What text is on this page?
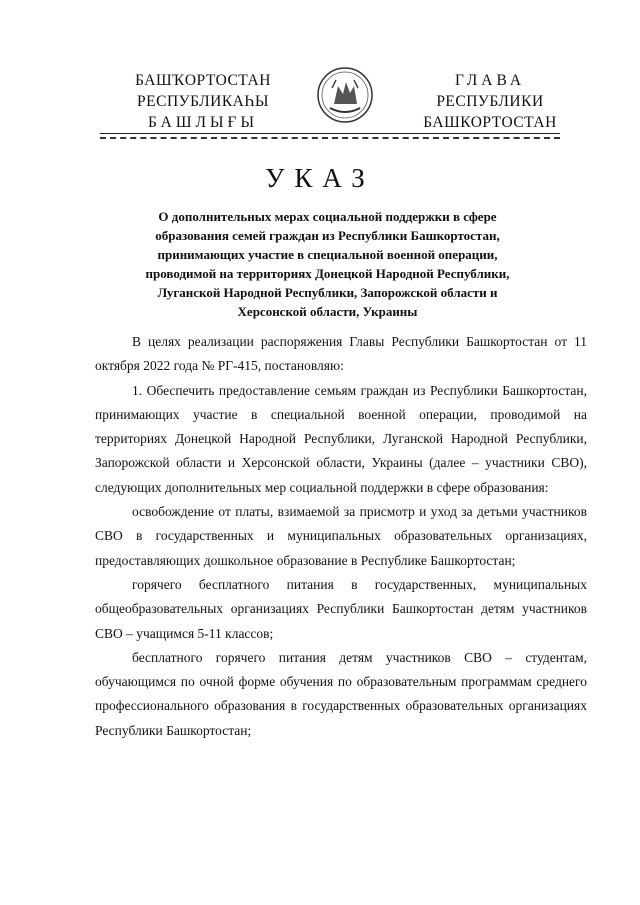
БАШҠОРТОСТАН
РЕСПУБЛИКАҺЫ
БАШЛЫҒЫ
ГЛАВА
РЕСПУБЛИКИ
БАШКОРТОСТАН
УКАЗ
О дополнительных мерах социальной поддержки в сфере образования семей граждан из Республики Башкортостан, принимающих участие в специальной военной операции, проводимой на территориях Донецкой Народной Республики, Луганской Народной Республики, Запорожской области и Херсонской области, Украины

В целях реализации распоряжения Главы Республики Башкортостан от 11 октября 2022 года № РГ-415, постановляю:

1. Обеспечить предоставление семьям граждан из Республики Башкортостан, принимающих участие в специальной военной операции, проводимой на территориях Донецкой Народной Республики, Луганской Народной Республики, Запорожской области и Херсонской области, Украины (далее – участники СВО), следующих дополнительных мер социальной поддержки в сфере образования:

освобождение от платы, взимаемой за присмотр и уход за детьми участников СВО в государственных и муниципальных образовательных организациях, предоставляющих дошкольное образование в Республике Башкортостан;

горячего бесплатного питания в государственных, муниципальных общеобразовательных организациях Республики Башкортостан детям участников СВО – учащимся 5-11 классов;

бесплатного горячего питания детям участников СВО – студентам, обучающимся по очной форме обучения по образовательным программам среднего профессионального образования в государственных образовательных организациях Республики Башкортостан;
